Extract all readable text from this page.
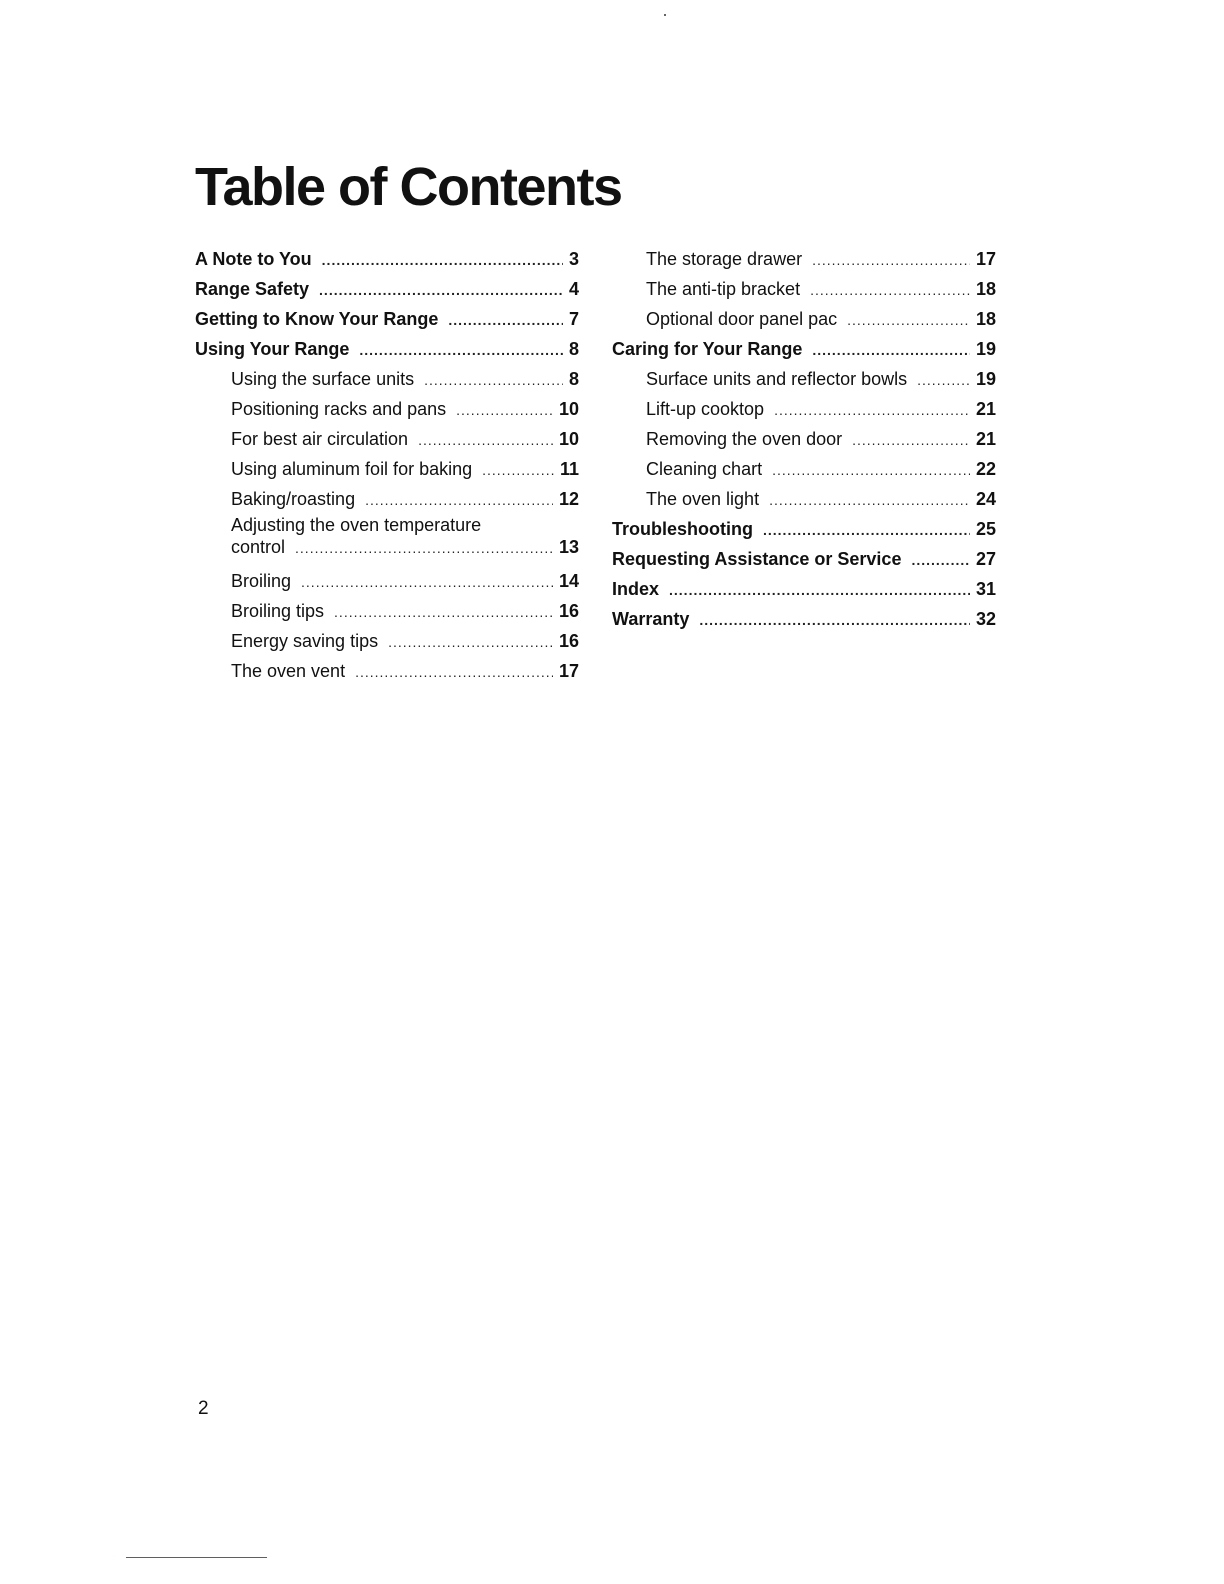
Table of Contents
A Note to You .....	3
Range Safety .....	4
Getting to Know Your Range .....	7
Using Your Range .....	8
Using the surface units .....	8
Positioning racks and pans .....	10
For best air circulation .....	10
Using aluminum foil for baking .....	11
Baking/roasting .....	12
Adjusting the oven temperature
control .....	13
Broiling .....	14
Broiling tips .....	16
Energy saving tips .....	16
The oven vent .....	17
The storage drawer .....	17
The anti-tip bracket .....	18
Optional door panel pac .....	18
Caring for Your Range .....	19
Surface units and reflector bowls .....	19
Lift-up cooktop .....	21
Removing the oven door .....	21
Cleaning chart .....	22
The oven light .....	24
Troubleshooting .....	25
Requesting Assistance or Service .....	27
Index .....	31
Warranty .....	32
2
